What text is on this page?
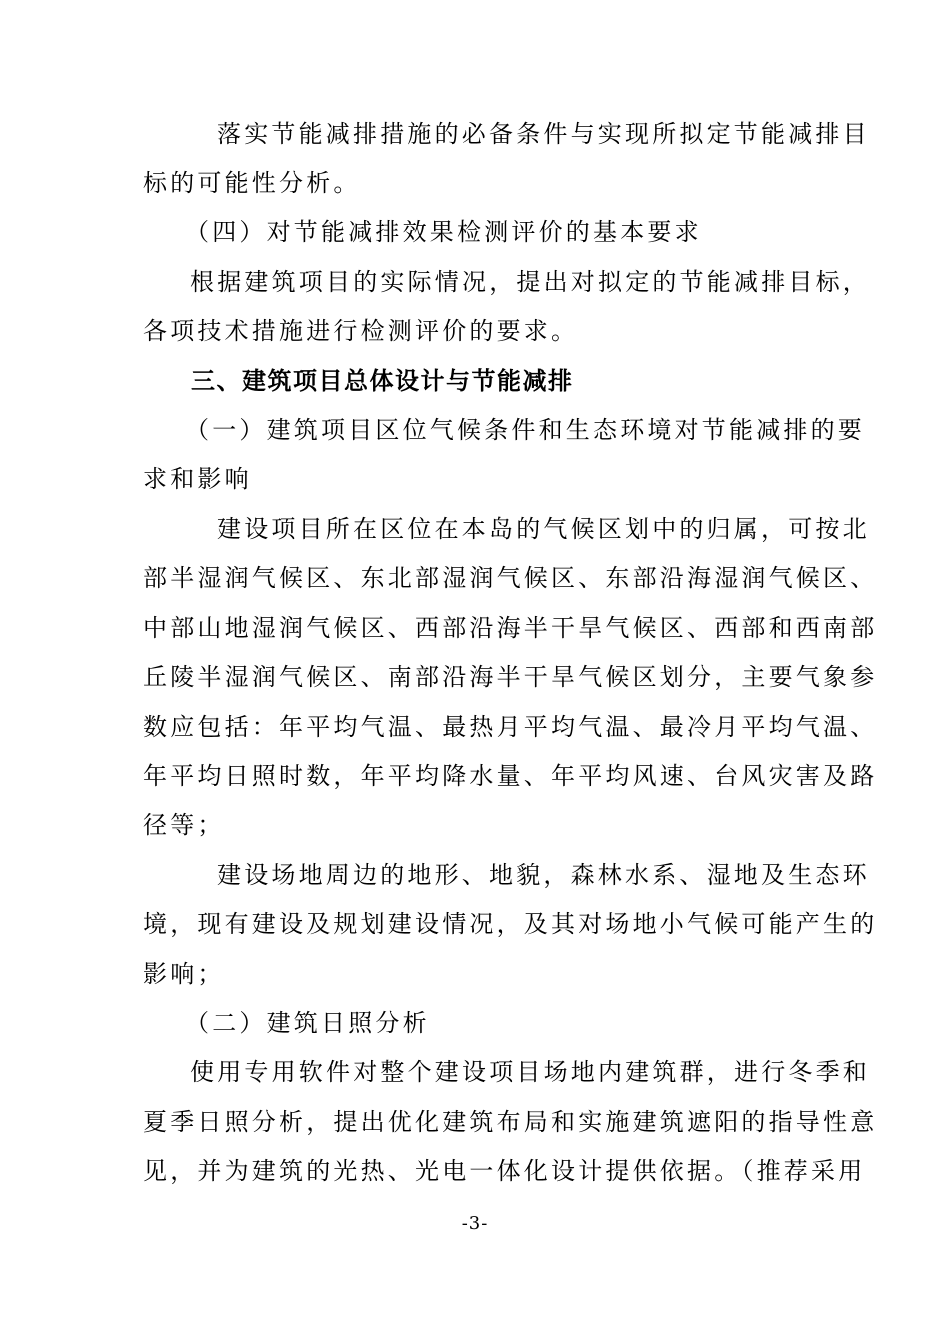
落实节能减排措施的必备条件与实现所拟定节能减排目
标的可能性分析。
（四）对节能减排效果检测评价的基本要求
根据建筑项目的实际情况，提出对拟定的节能减排目标，
各项技术措施进行检测评价的要求。
三、建筑项目总体设计与节能减排
（一）建筑项目区位气候条件和生态环境对节能减排的要
求和影响
建设项目所在区位在本岛的气候区划中的归属，可按北
部半湿润气候区、东北部湿润气候区、东部沿海湿润气候区、
中部山地湿润气候区、西部沿海半干旱气候区、西部和西南部
丘陵半湿润气候区、南部沿海半干旱气候区划分，主要气象参
数应包括：年平均气温、最热月平均气温、最冷月平均气温、
年平均日照时数，年平均降水量、年平均风速、台风灾害及路
径等；
建设场地周边的地形、地貌，森林水系、湿地及生态环
境，现有建设及规划建设情况，及其对场地小气候可能产生的
影响；
（二）建筑日照分析
使用专用软件对整个建设项目场地内建筑群，进行冬季和
夏季日照分析，提出优化建筑布局和实施建筑遮阳的指导性意
见，并为建筑的光热、光电一体化设计提供依据。（推荐采用
-3-
